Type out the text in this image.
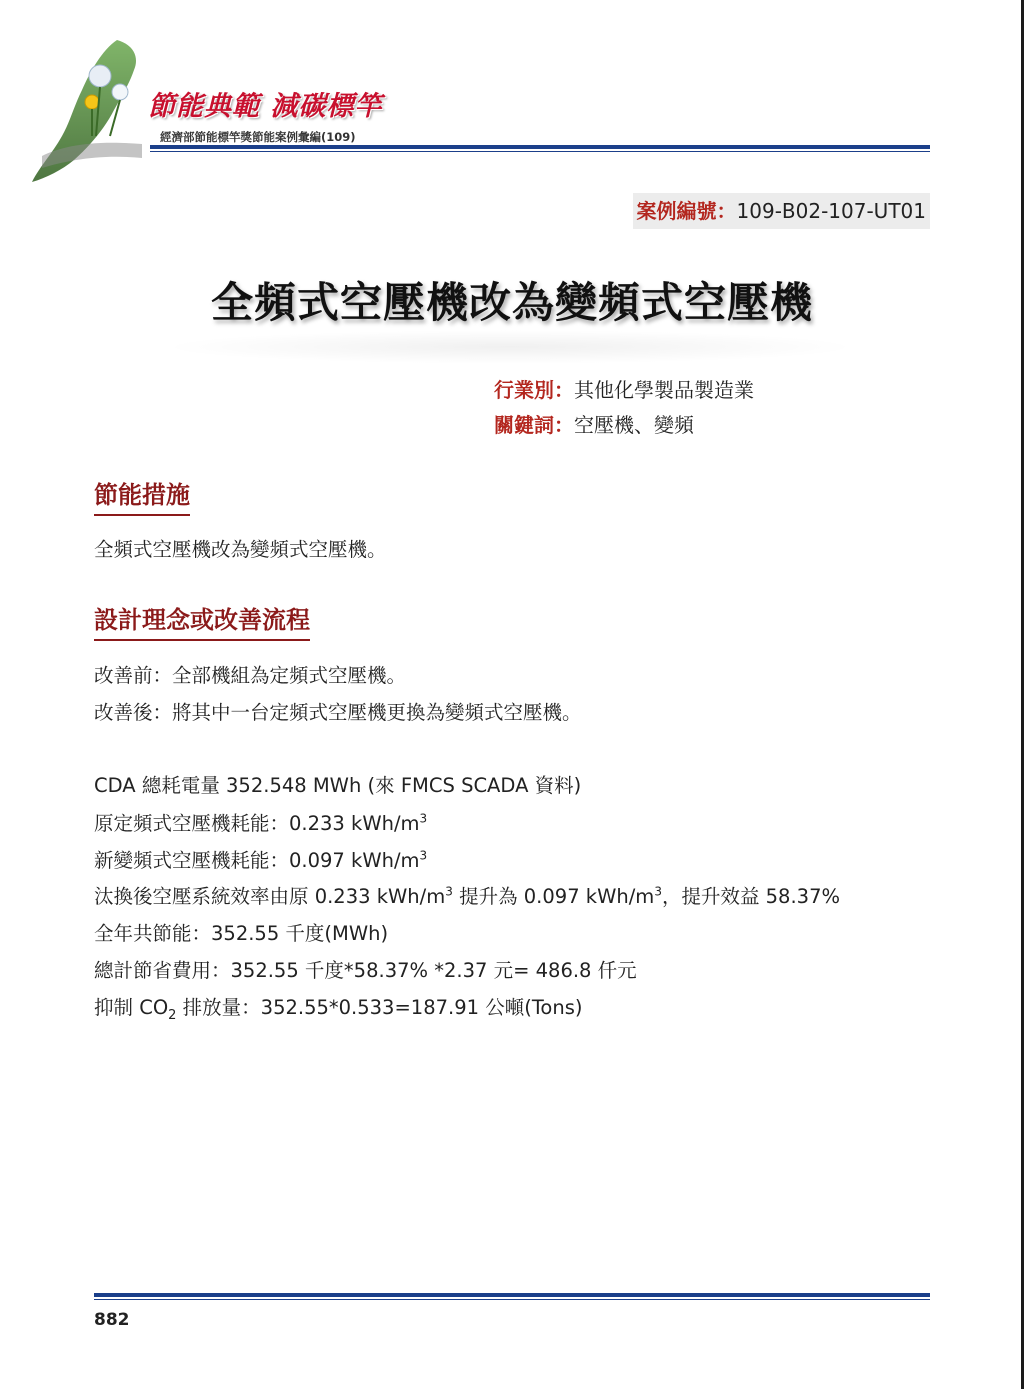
節能典範 減碳標竿
經濟部節能標竿獎節能案例彙編(109)
案例編號：109-B02-107-UT01
全頻式空壓機改為變頻式空壓機
行業別：其他化學製品製造業
關鍵詞：空壓機、變頻
節能措施
全頻式空壓機改為變頻式空壓機。
設計理念或改善流程
改善前：全部機組為定頻式空壓機。
改善後：將其中一台定頻式空壓機更換為變頻式空壓機。
CDA 總耗電量 352.548 MWh (來 FMCS SCADA 資料)
原定頻式空壓機耗能：0.233 kWh/$m^3$
新變頻式空壓機耗能：0.097 kWh/$m^3$
汰換後空壓系統效率由原 0.233 kWh/$m^3$ 提升為 0.097 kWh/$m^3$，提升效益 58.37%
全年共節能：352.55 千度(MWh)
總計節省費用：352.55 千度*58.37% *2.37 元= 486.8 仟元
抑制 $CO_2$ 排放量：352.55*0.533=187.91 公噸(Tons)
882
